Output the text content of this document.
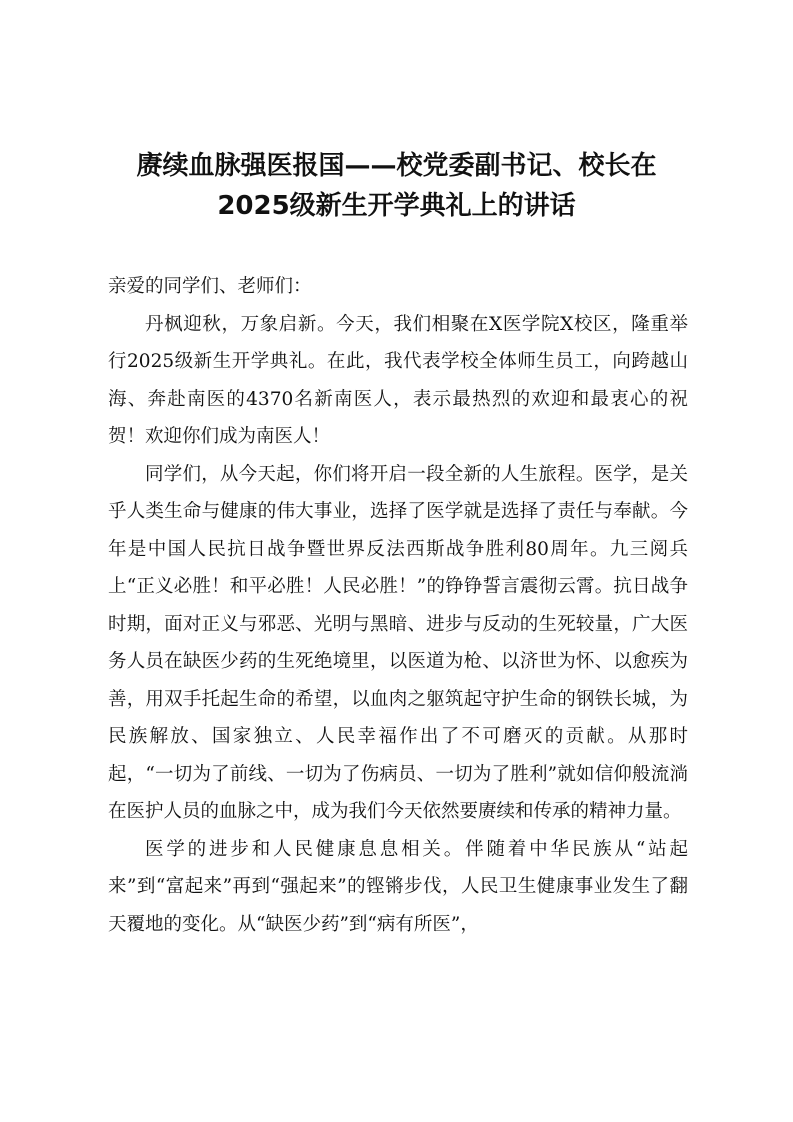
赓续血脉强医报国——校党委副书记、校长在
2025级新生开学典礼上的讲话

亲爱的同学们、老师们：

丹枫迎秋，万象启新。今天，我们相聚在X医学院X校区，隆重举行2025级新生开学典礼。在此，我代表学校全体师生员工，向跨越山海、奔赴南医的4370名新南医人，表示最热烈的欢迎和最衷心的祝贺！欢迎你们成为南医人！

同学们，从今天起，你们将开启一段全新的人生旅程。医学，是关乎人类生命与健康的伟大事业，选择了医学就是选择了责任与奉献。今年是中国人民抗日战争暨世界反法西斯战争胜利80周年。九三阅兵上“正义必胜！和平必胜！人民必胜！”的铮铮誓言震彻云霄。抗日战争时期，面对正义与邪恶、光明与黑暗、进步与反动的生死较量，广大医务人员在缺医少药的生死绝境里，以医道为枪、以济世为怀、以愈疾为善，用双手托起生命的希望，以血肉之躯筑起守护生命的钢铁长城，为民族解放、国家独立、人民幸福作出了不可磨灭的贡献。从那时起，“一切为了前线、一切为了伤病员、一切为了胜利”就如信仰般流淌在医护人员的血脉之中，成为我们今天依然要赓续和传承的精神力量。

医学的进步和人民健康息息相关。伴随着中华民族从“站起来”到“富起来”再到“强起来”的铿锵步伐，人民卫生健康事业发生了翻天覆地的变化。从“缺医少药”到“病有所医”，
